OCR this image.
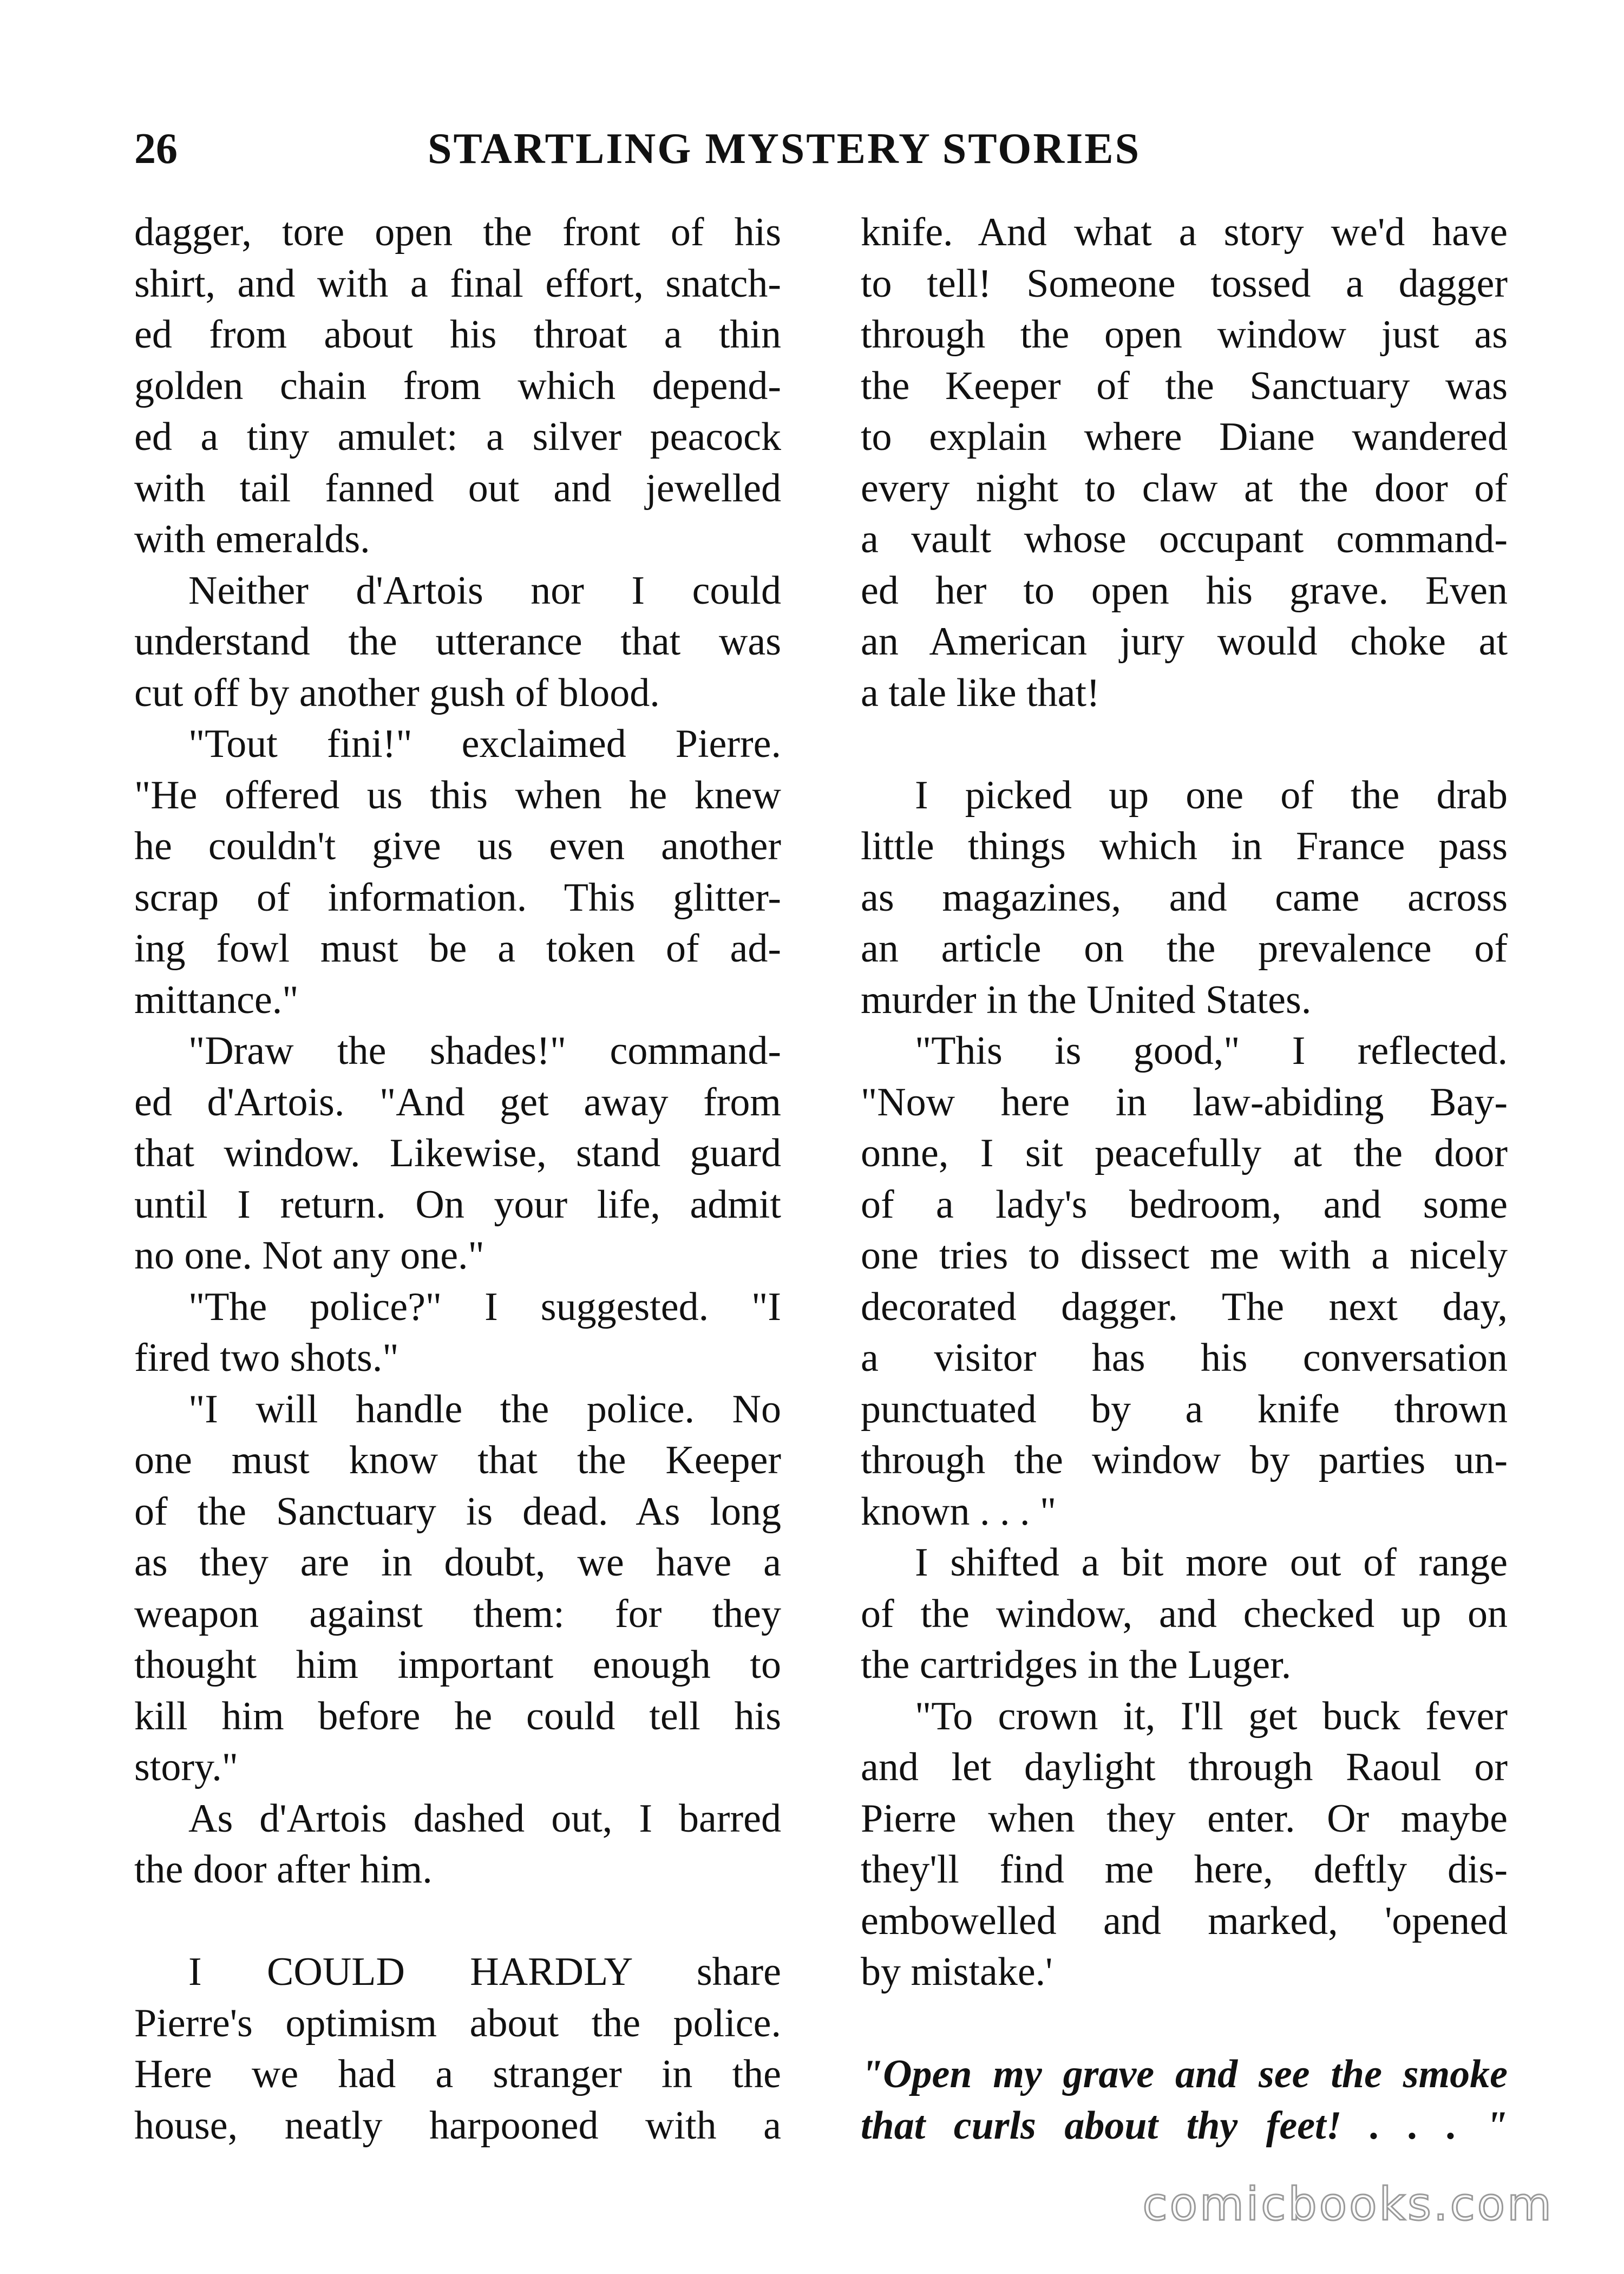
26	STARTLING MYSTERY STORIES
dagger, tore open the front of his
shirt, and with a final effort, snatch-
ed from about his throat a thin
golden chain from which depend-
ed a tiny amulet: a silver peacock
with tail fanned out and jewelled
with emeralds.
Neither d'Artois nor I could
understand the utterance that was
cut off by another gush of blood.
"Tout fini!" exclaimed Pierre.
"He offered us this when he knew
he couldn't give us even another
scrap of information. This glitter-
ing fowl must be a token of ad-
mittance."
"Draw the shades!" command-
ed d'Artois. "And get away from
that window. Likewise, stand guard
until I return. On your life, admit
no one. Not any one."
"The police?" I suggested. "I
fired two shots."
"I will handle the police. No
one must know that the Keeper
of the Sanctuary is dead. As long
as they are in doubt, we have a
weapon against them: for they
thought him important enough to
kill him before he could tell his
story."
As d'Artois dashed out, I barred
the door after him.
I COULD HARDLY share
Pierre's optimism about the police.
Here we had a stranger in the
house, neatly harpooned with a
knife. And what a story we'd have
to tell! Someone tossed a dagger
through the open window just as
the Keeper of the Sanctuary was
to explain where Diane wandered
every night to claw at the door of
a vault whose occupant command-
ed her to open his grave. Even
an American jury would choke at
a tale like that!
I picked up one of the drab
little things which in France pass
as magazines, and came across
an article on the prevalence of
murder in the United States.
"This is good," I reflected.
"Now here in law-abiding Bay-
onne, I sit peacefully at the door
of a lady's bedroom, and some
one tries to dissect me with a nicely
decorated dagger. The next day,
a visitor has his conversation
punctuated by a knife thrown
through the window by parties un-
known . . . "
I shifted a bit more out of range
of the window, and checked up on
the cartridges in the Luger.
"To crown it, I'll get buck fever
and let daylight through Raoul or
Pierre when they enter. Or maybe
they'll find me here, deftly dis-
embowelled and marked, 'opened
by mistake.'
"Open my grave and see the smoke
that curls about thy feet! . . . "
comicbooks.com
